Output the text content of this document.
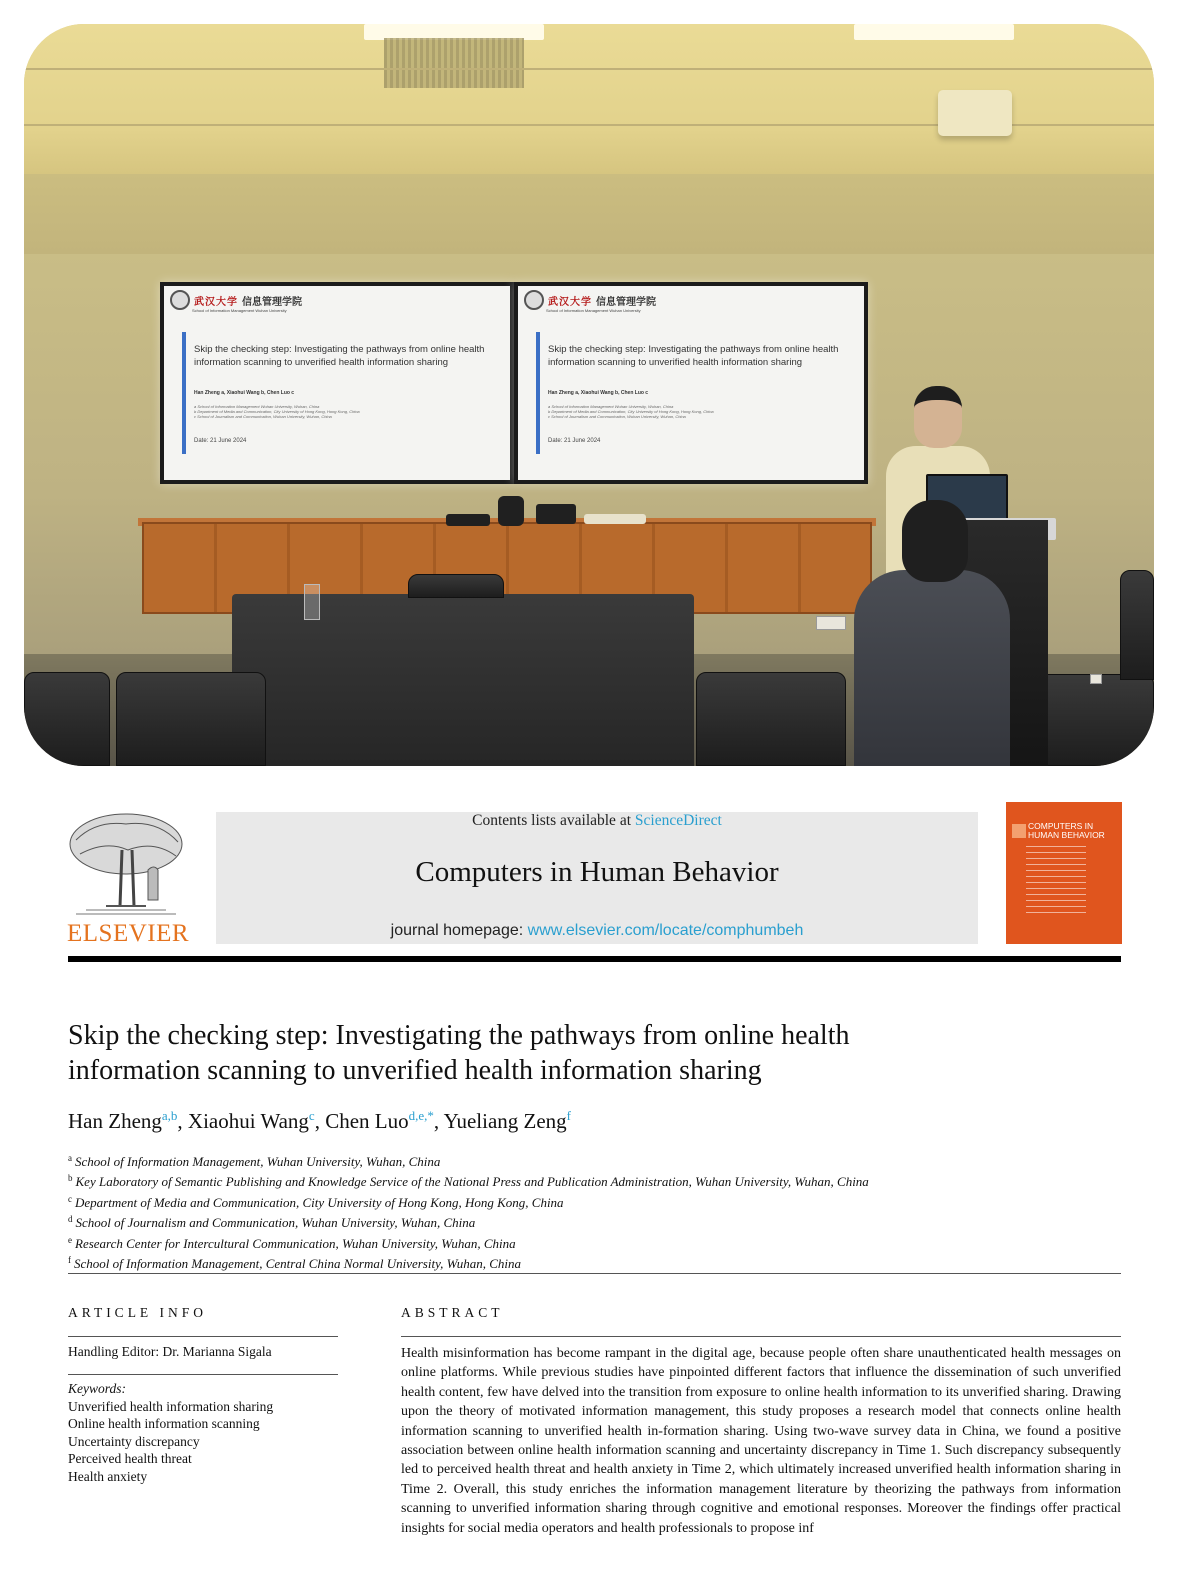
武汉大学 信息管理学院
School of Information Management Wuhan University
Skip the checking step: Investigating the pathways from online health information scanning to unverified health information sharing
Han Zheng a, Xiaohui Wang b, Chen Luo c
a School of Information Management Wuhan University, Wuhan, China
b Department of Media and Communication, City University of Hong Kong, Hong Kong, China
c School of Journalism and Communication, Wuhan University, Wuhan, China
Date: 21 June 2024
武汉大学 信息管理学院
School of Information Management Wuhan University
Skip the checking step: Investigating the pathways from online health information scanning to unverified health information sharing
Han Zheng a, Xiaohui Wang b, Chen Luo c
a School of Information Management Wuhan University, Wuhan, China
b Department of Media and Communication, City University of Hong Kong, Hong Kong, China
c School of Journalism and Communication, Wuhan University, Wuhan, China
Date: 21 June 2024
ELSEVIER
Contents lists available at ScienceDirect
Computers in Human Behavior
journal homepage: www.elsevier.com/locate/comphumbeh
COMPUTERS IN HUMAN BEHAVIOR
Skip the checking step: Investigating the pathways from online health
information scanning to unverified health information sharing
Han Zheng$^{a,b}$, Xiaohui Wang$^c$, Chen Luo$^{d,e,*}$, Yueliang Zeng$^f$
$^a$ School of Information Management, Wuhan University, Wuhan, China
$^b$ Key Laboratory of Semantic Publishing and Knowledge Service of the National Press and Publication Administration, Wuhan University, Wuhan, China
$^c$ Department of Media and Communication, City University of Hong Kong, Hong Kong, China
$^d$ School of Journalism and Communication, Wuhan University, Wuhan, China
$^e$ Research Center for Intercultural Communication, Wuhan University, Wuhan, China
$^f$ School of Information Management, Central China Normal University, Wuhan, China
ARTICLE INFO	ABSTRACT
Handling Editor: Dr. Marianna Sigala
Keywords:
Unverified health information sharing
Online health information scanning
Uncertainty discrepancy
Perceived health threat
Health anxiety
Health misinformation has become rampant in the digital age, because people often share unauthenticated health messages on online platforms. While previous studies have pinpointed different factors that influence the dissemination of such unverified health content, few have delved into the transition from exposure to online health information to its unverified sharing. Drawing upon the theory of motivated information management, this study proposes a research model that connects online health information scanning to unverified health in-formation sharing. Using two-wave survey data in China, we found a positive association between online health information scanning and uncertainty discrepancy in Time 1. Such discrepancy subsequently led to perceived health threat and health anxiety in Time 2, which ultimately increased unverified health information sharing in Time 2. Overall, this study enriches the information management literature by theorizing the pathways from information scanning to unverified information sharing through cognitive and emotional responses. Moreover the findings offer practical insights for social media operators and health professionals to propose inf
